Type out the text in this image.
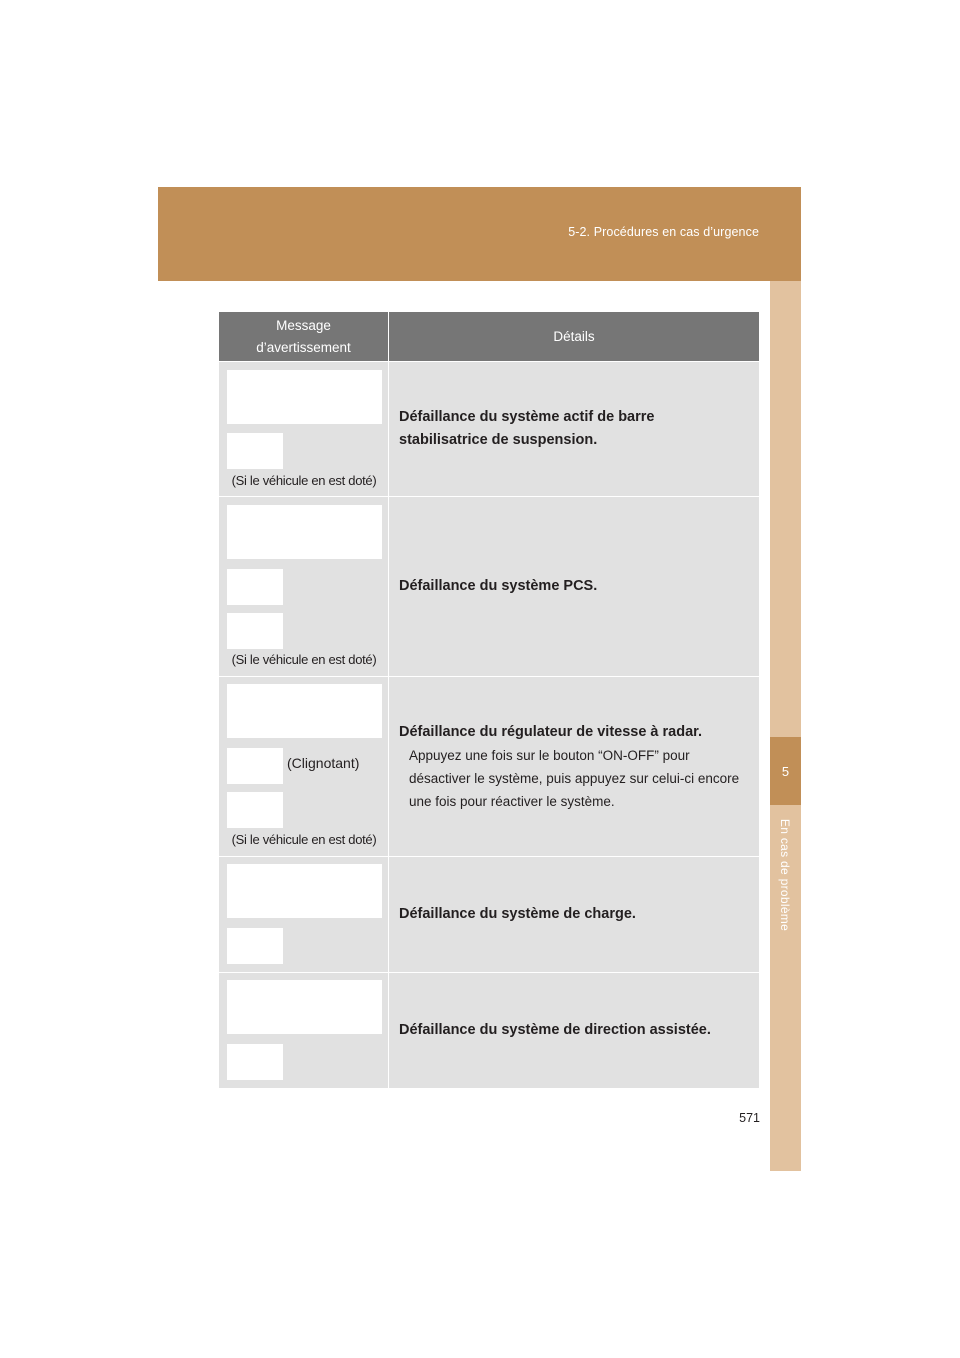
5-2. Procédures en cas d’urgence
5
En cas de problème
Message d’avertissement
Détails
(Si le véhicule en est doté)
Défaillance du système actif de barre stabilisatrice de suspension.
(Si le véhicule en est doté)
Défaillance du système PCS.
(Clignotant)
(Si le véhicule en est doté)
Défaillance du régulateur de vitesse à radar.
Appuyez une fois sur le bouton “ON-OFF” pour désactiver le système, puis appuyez sur celui-ci encore une fois pour réactiver le système.
Défaillance du système de charge.
Défaillance du système de direction assistée.
571
